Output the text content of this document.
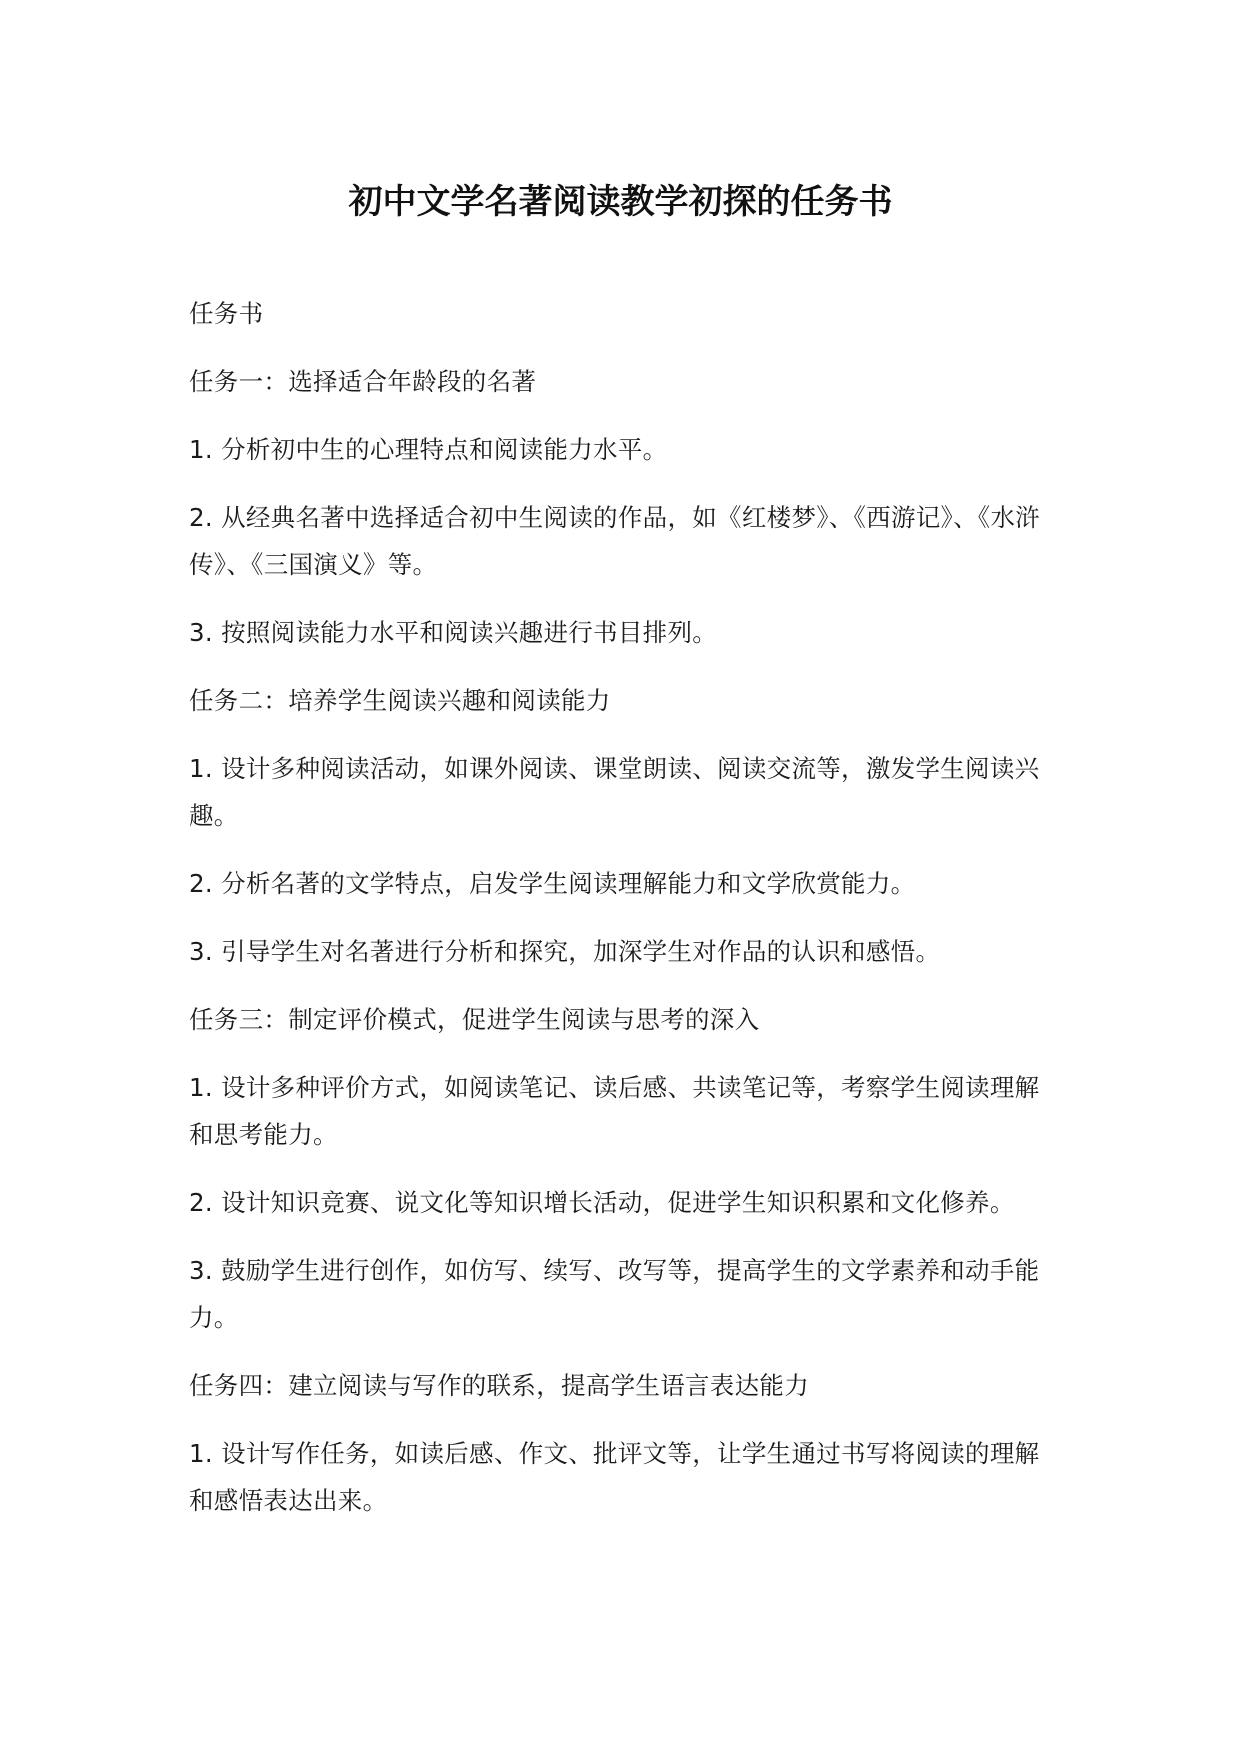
初中文学名著阅读教学初探的任务书

任务书

任务一：选择适合年龄段的名著

1. 分析初中生的心理特点和阅读能力水平。

2. 从经典名著中选择适合初中生阅读的作品，如《红楼梦》、《西游记》、《水浒传》、《三国演义》等。

3. 按照阅读能力水平和阅读兴趣进行书目排列。

任务二：培养学生阅读兴趣和阅读能力

1. 设计多种阅读活动，如课外阅读、课堂朗读、阅读交流等，激发学生阅读兴趣。

2. 分析名著的文学特点，启发学生阅读理解能力和文学欣赏能力。

3. 引导学生对名著进行分析和探究，加深学生对作品的认识和感悟。

任务三：制定评价模式，促进学生阅读与思考的深入

1. 设计多种评价方式，如阅读笔记、读后感、共读笔记等，考察学生阅读理解和思考能力。

2. 设计知识竞赛、说文化等知识增长活动，促进学生知识积累和文化修养。

3. 鼓励学生进行创作，如仿写、续写、改写等，提高学生的文学素养和动手能力。

任务四：建立阅读与写作的联系，提高学生语言表达能力

1. 设计写作任务，如读后感、作文、批评文等，让学生通过书写将阅读的理解和感悟表达出来。
